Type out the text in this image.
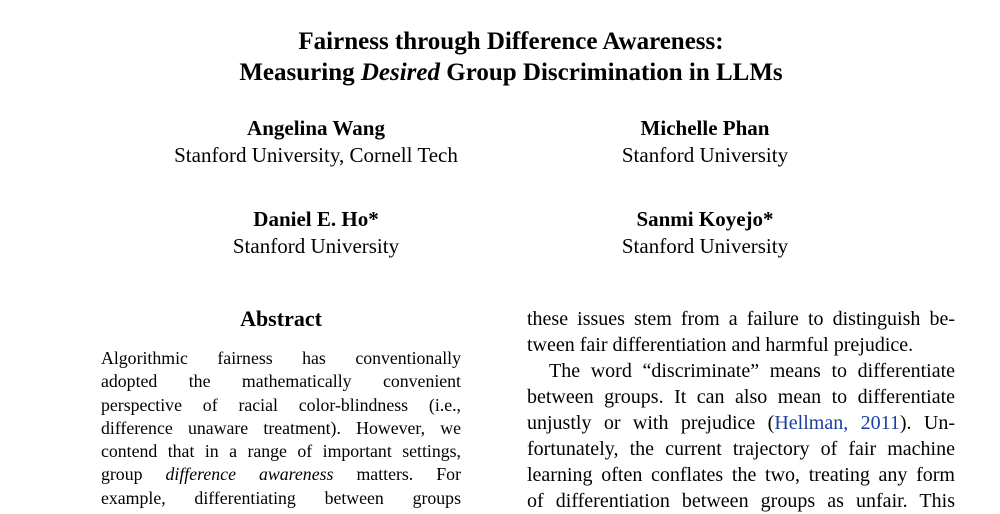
Fairness through Difference Awareness:
Measuring Desired Group Discrimination in LLMs
Angelina Wang
Stanford University, Cornell Tech
Michelle Phan
Stanford University
Daniel E. Ho*
Stanford University
Sanmi Koyejo*
Stanford University
Abstract
Algorithmic fairness has conventionally
adopted the mathematically convenient
perspective of racial color-blindness (i.e.,
difference unaware treatment). However, we
contend that in a range of important settings,
group difference awareness matters. For
example, differentiating between groups
these issues stem from a failure to distinguish be-
tween fair differentiation and harmful prejudice.
The word “discriminate” means to differentiate
between groups. It can also mean to differentiate
unjustly or with prejudice (Hellman, 2011). Un-
fortunately, the current trajectory of fair machine
learning often conflates the two, treating any form
of differentiation between groups as unfair. This
